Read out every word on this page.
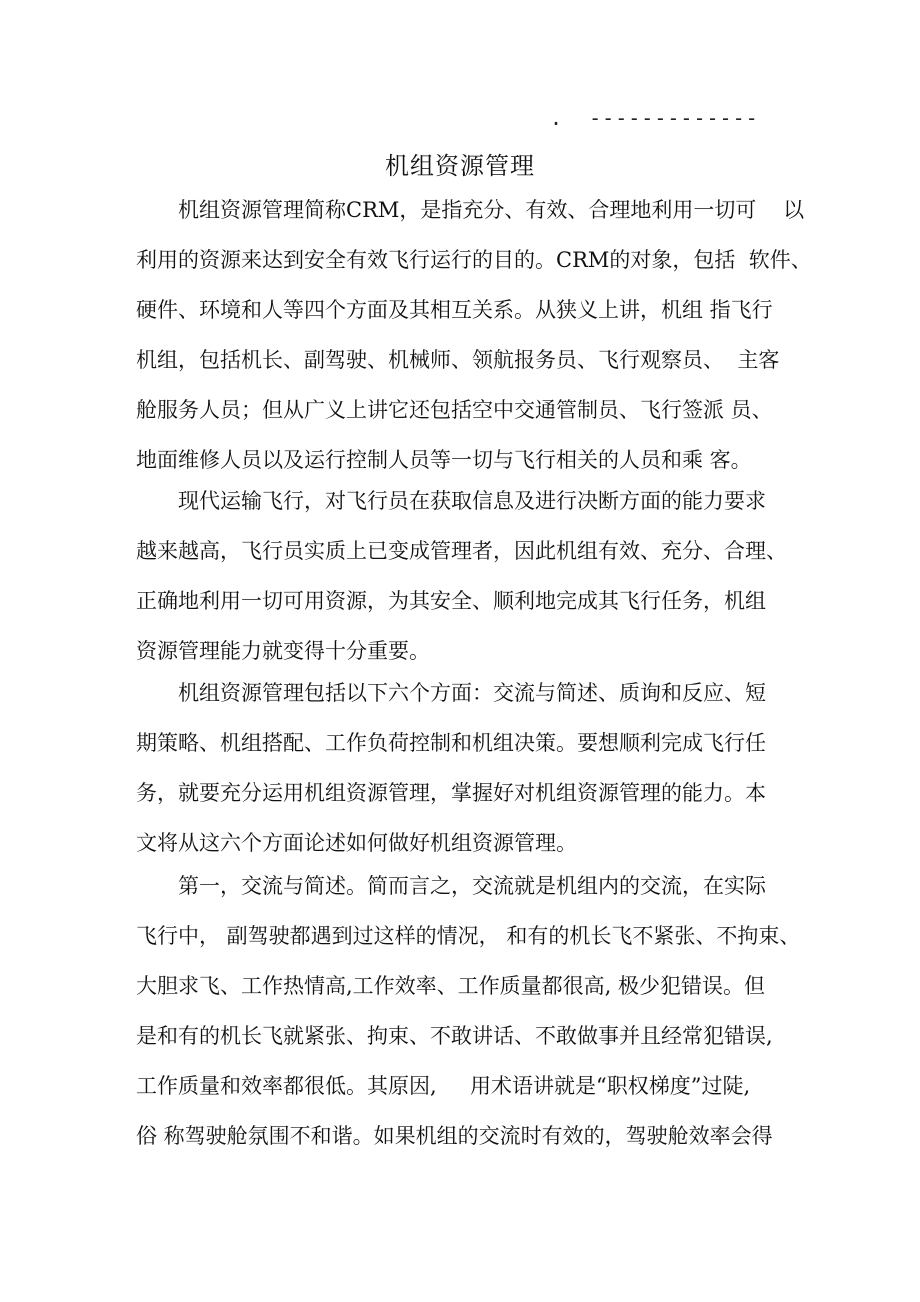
.  -------------
机组资源管理
机组资源管理简称CRM，是指充分、有效、合理地利用一切可    以
利用的资源来达到安全有效飞行运行的目的。CRM的对象，包括  软件、
硬件、环境和人等四个方面及其相互关系。从狭义上讲，机组 指飞行
机组，包括机长、副驾驶、机械师、领航报务员、飞行观察员、  主客
舱服务人员；但从广义上讲它还包括空中交通管制员、飞行签派 员、
地面维修人员以及运行控制人员等一切与飞行相关的人员和乘 客。
现代运输飞行，对飞行员在获取信息及进行决断方面的能力要求
越来越高，飞行员实质上已变成管理者，因此机组有效、充分、合理、
正确地利用一切可用资源，为其安全、顺利地完成其飞行任务，机组
资源管理能力就变得十分重要。
机组资源管理包括以下六个方面：交流与简述、质询和反应、短
期策略、机组搭配、工作负荷控制和机组决策。要想顺利完成飞行任
务，就要充分运用机组资源管理，掌握好对机组资源管理的能力。本
文将从这六个方面论述如何做好机组资源管理。
第一，交流与简述。简而言之，交流就是机组内的交流，在实际
飞行中， 副驾驶都遇到过这样的情况， 和有的机长飞不紧张、不拘束、
大胆求飞、工作热情高,工作效率、工作质量都很高, 极少犯错误。但
是和有的机长飞就紧张、拘束、不敢讲话、不敢做事并且经常犯错误,
工作质量和效率都很低。其原因,     用术语讲就是“职权梯度”过陡,
俗 称驾驶舱氛围不和谐。如果机组的交流时有效的，驾驶舱效率会得
